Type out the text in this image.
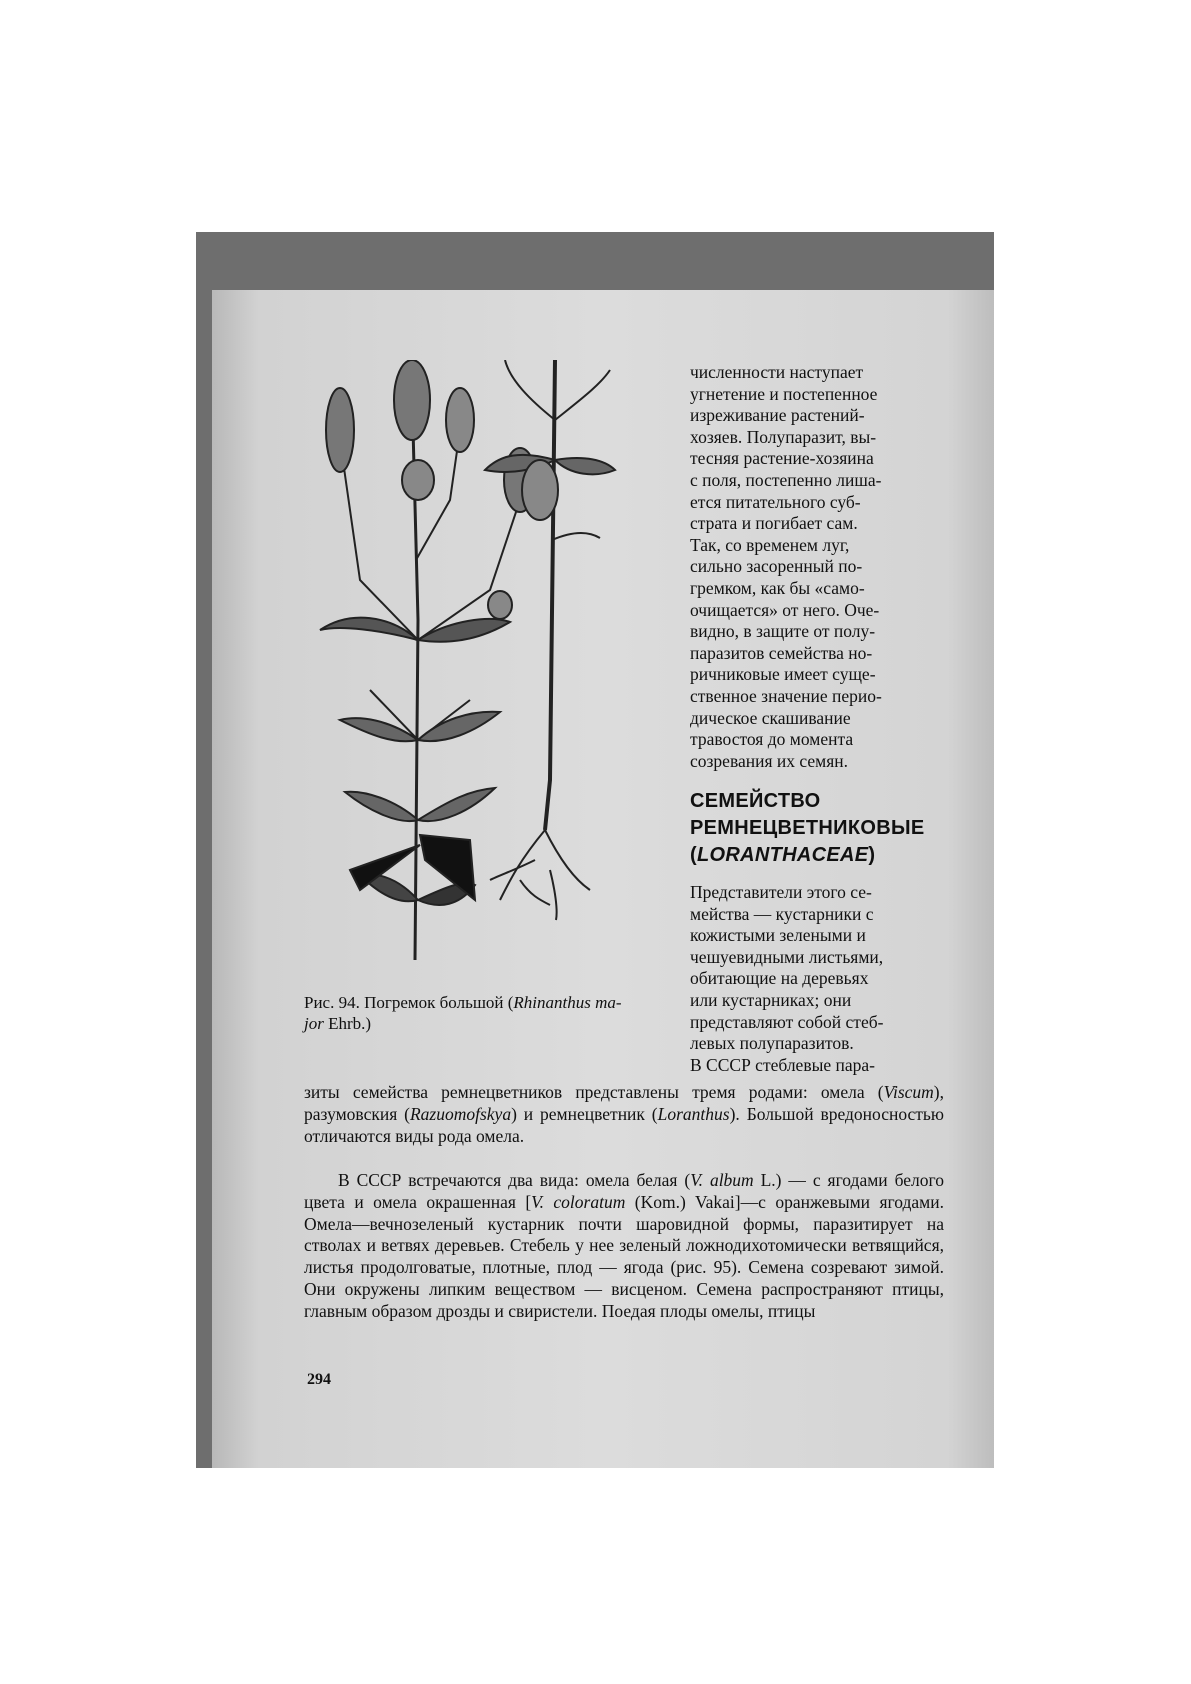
Рис. 94. Погремок большой (Rhinanthus ma-
jor Ehrb.)

численности наступает
угнетение и постепенное
изреживание растений-
хозяев. Полупаразит, вы-
тесняя растение-хозяина
с поля, постепенно лиша-
ется питательного суб-
страта и погибает сам.
Так, со временем луг,
сильно засоренный по-
гремком, как бы «само-
очищается» от него. Оче-
видно, в защите от полу-
паразитов семейства но-
ричниковые имеет суще-
ственное значение перио-
дическое скашивание
травостоя до момента
созревания их семян.

СЕМЕЙСТВО
РЕМНЕЦВЕТНИКОВЫЕ
(LORANTHACEAE)

Представители этого се-
мейства — кустарники с
кожистыми зелеными и
чешуевидными листьями,
обитающие на деревьях
или кустарниках; они
представляют собой стеб-
левых полупаразитов.
В СССР стеблевые пара-

зиты семейства ремнецветников представлены тремя родами: омела (Viscum), разумовския (Razuomofskya) и ремнецветник (Loranthus). Большой вредоносностью отличаются виды рода омела.

В СССР встречаются два вида: омела белая (V. album L.) — с ягодами белого цвета и омела окрашенная [V. coloratum (Kom.) Vakai]—с оранжевыми ягодами. Омела—вечнозеленый кустарник почти шаровидной формы, паразитирует на стволах и ветвях деревьев. Стебель у нее зеленый ложнодихотомически ветвящийся, листья продолговатые, плотные, плод — ягода (рис. 95). Семена созревают зимой. Они окружены липким веществом — висценом. Семена распространяют птицы, главным образом дрозды и свиристели. Поедая плоды омелы, птицы

294
